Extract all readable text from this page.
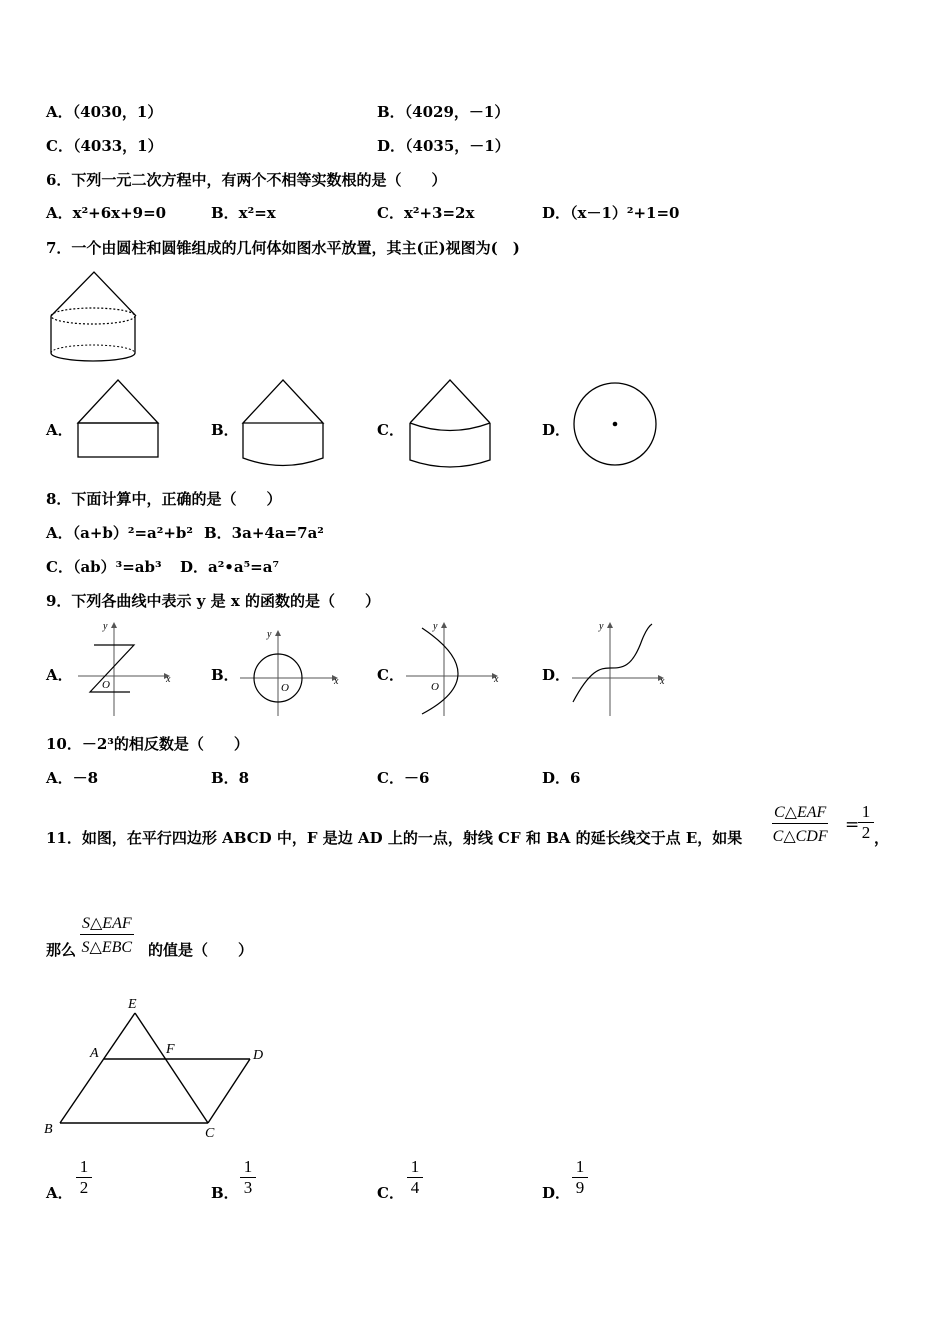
A．（4030，1）	B．（4029，－1）
C．（4033，1）	D．（4035，－1）
6．下列一元二次方程中，有两个不相等实数根的是（　　）
A．x²+6x+9=0	B．x²=x	C．x²+3=2x	D．（x－1）²+1=0
7．一个由圆柱和圆锥组成的几何体如图水平放置，其主(正)视图为(　)
A．	B．	C．	D．
8．下面计算中，正确的是（　　）
A．（a+b）²=a²+b² B．3a+4a=7a²
C．（ab）³=ab³ D．a²•a⁵=a⁷
9．下列各曲线中表示 y 是 x 的函数的是（　　）
A．
y
x
O
B．
y
x
O
C．
y
x
O
D．
y
x
10．－2³的相反数是（　　）
A．－8	B．8	C．－6	D．6
11．如图，在平行四边形 ABCD 中，F 是边 AD 上的一点，射线 CF 和 BA 的延长线交于点 E，如果
C△EAF
C△CDF
=
$\frac{1}{2}$ ，
那么
S△EAF
S△EBC 的值是（　　）
E
A	F	D
B	C
A． $\frac{1}{2}$	B． $\frac{1}{3}$	C． $\frac{1}{4}$	D． $\frac{1}{9}$
